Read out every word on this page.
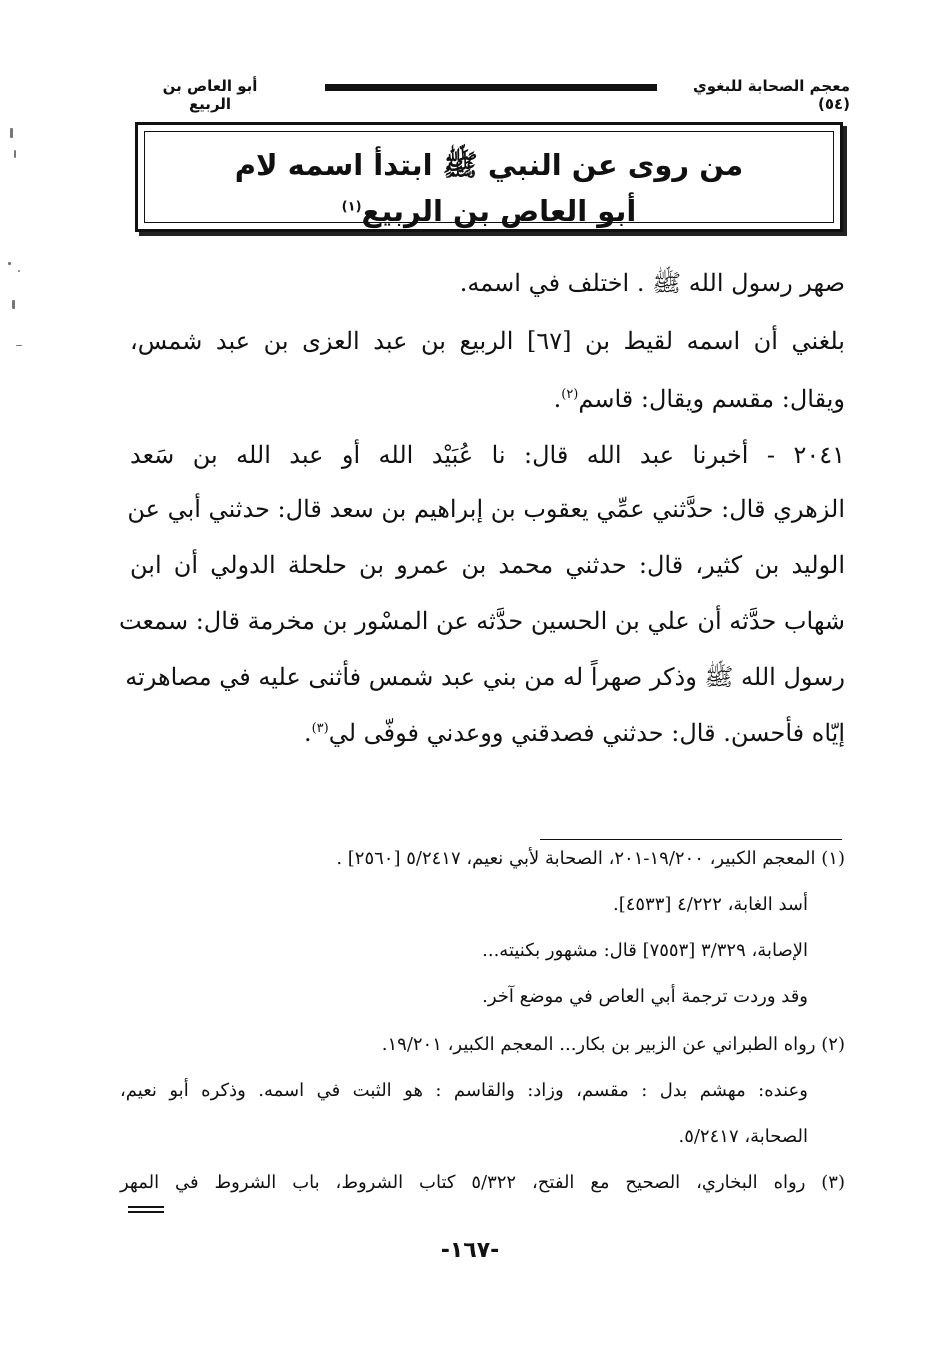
أبو العاص بن الربيع
معجم الصحابة للبغوي (٥٤)
من روى عن النبي ﷺ ابتدأ اسمه لام
أبو العاص بن الربيع$^{(١)}$
صهر رسول الله ﷺ . اختلف في اسمه.
بلغني أن اسمه لقيط بن [٦٧] الربيع بن عبد العزى بن عبد شمس،
ويقال: مقسم ويقال: قاسم$^{(٢)}$.
٢٠٤١ - أخبرنا عبد الله قال: نا عُبَيْد الله أو عبد الله بن سَعد
الزهري قال: حدَّثني عمِّي يعقوب بن إبراهيم بن سعد قال: حدثني أبي عن
الوليد بن كثير، قال: حدثني محمد بن عمرو بن حلحلة الدولي أن ابن
شهاب حدَّثه أن علي بن الحسين حدَّثه عن المسْور بن مخرمة قال: سمعت
رسول الله ﷺ وذكر صهراً له من بني عبد شمس فأثنى عليه في مصاهرته
إيّاه فأحسن. قال: حدثني فصدقني ووعدني فوفّى لي$^{(٣)}$.
(١) المعجم الكبير، ١٩/٢٠٠-٢٠١، الصحابة لأبي نعيم، ٥/٢٤١٧ [٢٥٦٠] .
أسد الغابة، ٤/٢٢٢ [٤٥٣٣].
الإصابة، ٣/٣٢٩ [٧٥٥٣] قال: مشهور بكنيته...
وقد وردت ترجمة أبي العاص في موضع آخر.
(٢) رواه الطبراني عن الزبير بن بكار... المعجم الكبير، ١٩/٢٠١.
وعنده: مهشم بدل : مقسم، وزاد: والقاسم : هو الثبت في اسمه. وذكره أبو نعيم،
الصحابة، ٥/٢٤١٧.
(٣) رواه البخاري، الصحيح مع الفتح، ٥/٣٢٢ كتاب الشروط، باب الشروط في المهر
-١٦٧-
